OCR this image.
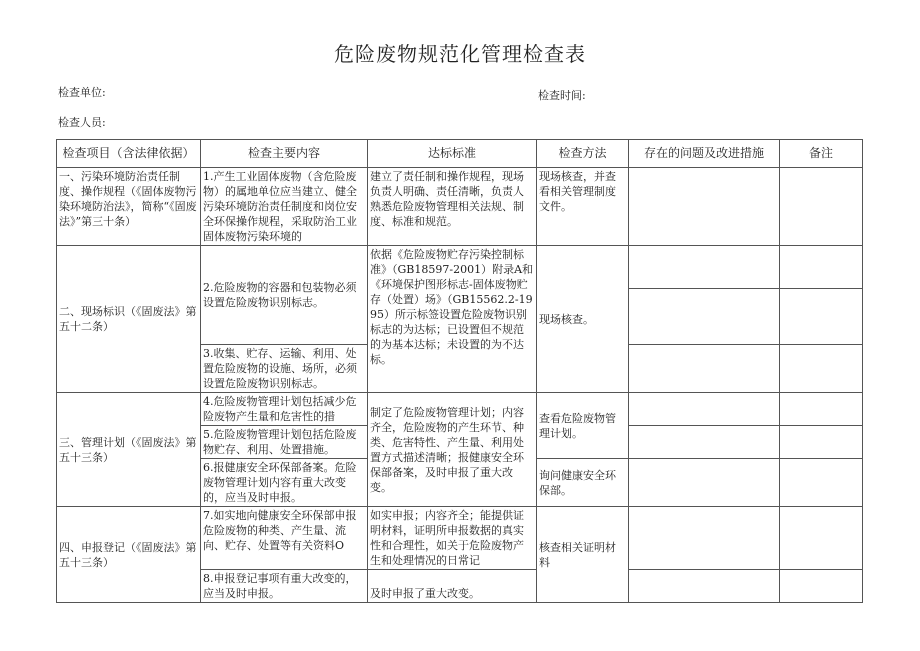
危险废物规范化管理检查表
检查单位:	检查时间:
检查人员:
检查项目（含法律依据）	检查主要内容	达标标准	检查方法	存在的问题及改进措施	备注
一、污染环境防治责任制度、操作规程（《固体废物污染环境防治法》，简称“《固废法》”第三十条）	1.产生工业固体废物（含危险废物）的属地单位应当建立、健全污染环境防治责任制度和岗位安全环保操作规程，采取防治工业固体废物污染环境的	建立了责任制和操作规程，现场负责人明确、责任清晰，负责人熟悉危险废物管理相关法规、制度、标准和规范。	现场核查，并查看相关管理制度文件。		
二、现场标识（《固废法》第五十二条）	2.危险废物的容器和包装物必须设置危险废物识别标志。	依据《危险废物贮存污染控制标准》（GB18597-2001）附录A和《环境保护图形标志-固体废物贮存（处置）场》（GB15562.2-1995）所示标签设置危险废物识别标志的为达标；已设置但不规范的为基本达标；未设置的为不达标。	现场核查。		

	3.收集、贮存、运输、利用、处置危险废物的设施、场所，必须设置危险废物识别标志。				
三、管理计划（《固废法》第五十三条）	4.危险废物管理计划包括减少危险废物产生量和危害性的措	制定了危险废物管理计划；内容齐全，危险废物的产生环节、种类、危害特性、产生量、利用处置方式描述清晰；报健康安全环保部备案，及时申报了重大改变。	查看危险废物管理计划。		
	5.危险废物管理计划包括危险废物贮存、利用、处置措施。				
	6.报健康安全环保部备案。危险废物管理计划内容有重大改变的，应当及时申报。		询问健康安全环保部。		
四、申报登记（《固废法》第五十三条）	7.如实地向健康安全环保部申报危险废物的种类、产生量、流向、贮存、处置等有关资料O	如实申报；内容齐全；能提供证明材料，证明所申报数据的真实性和合理性，如关于危险废物产生和处理情况的日常记	核查相关证明材料		
	8.申报登记事项有重大改变的，应当及时申报。	及时申报了重大改变。			
